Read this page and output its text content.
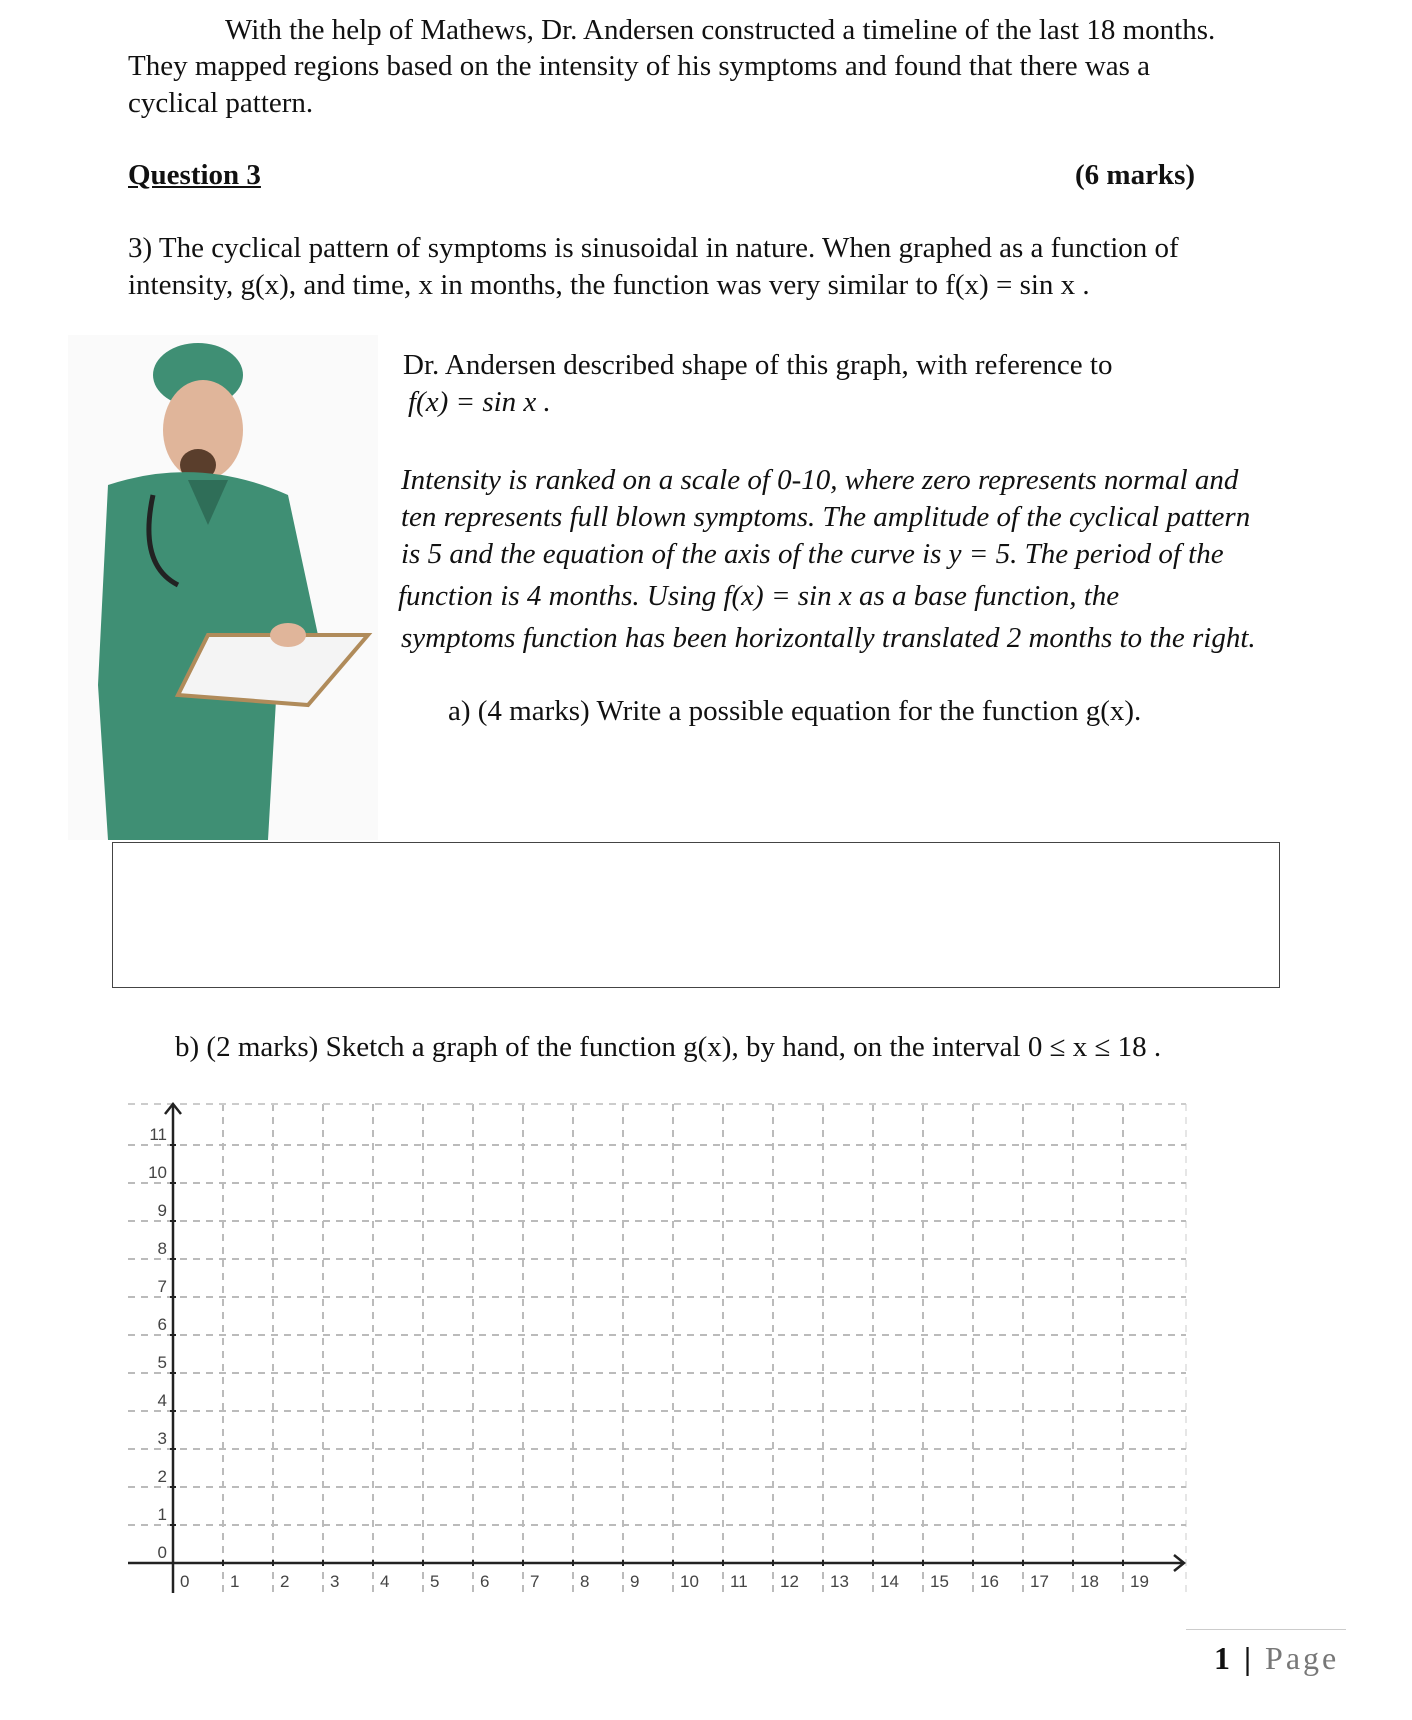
With the help of Mathews, Dr. Andersen constructed a timeline of the last 18 months.
They mapped regions based on the intensity of his symptoms and found that there was a
cyclical pattern.
Question 3	(6 marks)
3) The cyclical pattern of symptoms is sinusoidal in nature. When graphed as a function of
intensity, g(x), and time, x in months, the function was very similar to f(x) = sin x .
Dr. Andersen described shape of this graph, with reference to
f(x) = sin x .
Intensity is ranked on a scale of 0-10, where zero represents normal and
ten represents full blown symptoms. The amplitude of the cyclical pattern
is 5 and the equation of the axis of the curve is y = 5. The period of the
function is 4 months. Using f(x) = sin x as a base function, the
symptoms function has been horizontally translated 2 months to the right.
a) (4 marks) Write a possible equation for the function g(x).
b) (2 marks) Sketch a graph of the function g(x), by hand, on the interval 0 ≤ x ≤ 18 .
0 1 2 3 4 5 6 7 8 9 10 11 12 13 14 15 16 17 18 19
0
1
2
3
4
5
6
7
8
9
10
11
1 | Page
